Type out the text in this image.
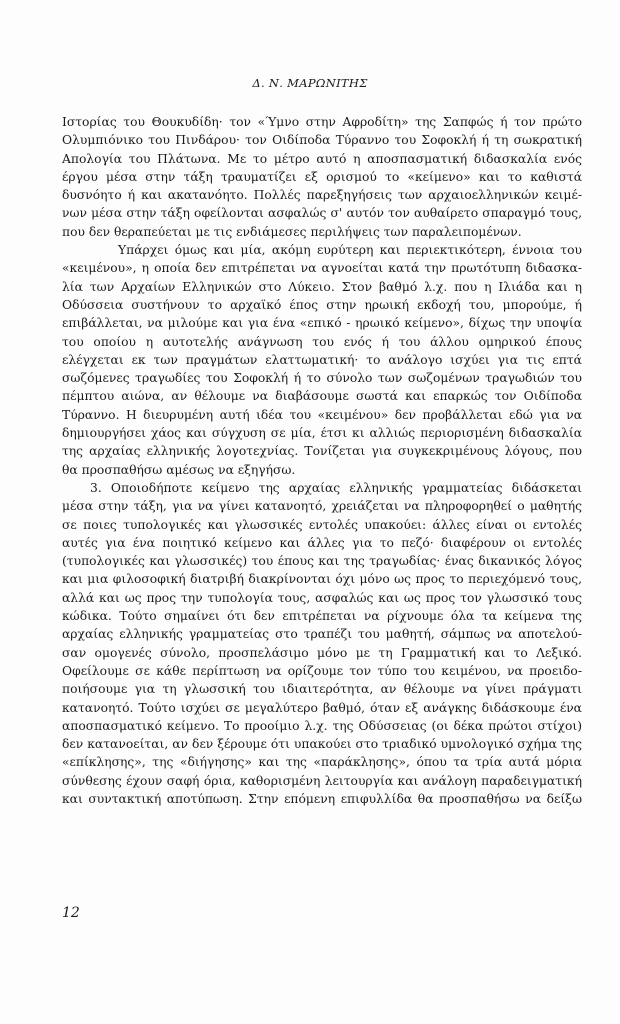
Δ. Ν. ΜΑΡΩΝΙΤΗΣ
Ιστορίας του Θουκυδίδη· τον «Ύμνο στην Αφροδίτη» της Σαπφώς ή τον πρώτο
Ολυμπιόνικο του Πινδάρου· τον Οιδίποδα Τύραννο του Σοφοκλή ή τη σωκρατική
Απολογία του Πλάτωνα. Με το μέτρο αυτό η αποσπασματική διδασκαλία ενός
έργου μέσα στην τάξη τραυματίζει εξ ορισμού το «κείμενο» και το καθιστά
δυσνόητο ή και ακατανόητο. Πολλές παρεξηγήσεις των αρχαιοελληνικών κειμέ-
νων μέσα στην τάξη οφείλονται ασφαλώς σ' αυτόν τον αυθαίρετο σπαραγμό τους,
που δεν θεραπεύεται με τις ενδιάμεσες περιλήψεις των παραλειπομένων.
Υπάρχει όμως και μία, ακόμη ευρύτερη και περιεκτικότερη, έννοια του
«κειμένου», η οποία δεν επιτρέπεται να αγνοείται κατά την πρωτότυπη διδασκα-
λία των Αρχαίων Ελληνικών στο Λύκειο. Στον βαθμό λ.χ. που η Ιλιάδα και η
Οδύσσεια συστήνουν το αρχαϊκό έπος στην ηρωική εκδοχή του, μπορούμε, ή
επιβάλλεται, να μιλούμε και για ένα «επικό - ηρωικό κείμενο», δίχως την υποψία
του οποίου η αυτοτελής ανάγνωση του ενός ή του άλλου ομηρικού έπους
ελέγχεται εκ των πραγμάτων ελαττωματική· το ανάλογο ισχύει για τις επτά
σωζόμενες τραγωδίες του Σοφοκλή ή το σύνολο των σωζομένων τραγωδιών του
πέμπτου αιώνα, αν θέλουμε να διαβάσουμε σωστά και επαρκώς τον Οιδίποδα
Τύραννο. Η διευρυμένη αυτή ιδέα του «κειμένου» δεν προβάλλεται εδώ για να
δημιουργήσει χάος και σύγχυση σε μία, έτσι κι αλλιώς περιορισμένη διδασκαλία
της αρχαίας ελληνικής λογοτεχνίας. Τονίζεται για συγκεκριμένους λόγους, που
θα προσπαθήσω αμέσως να εξηγήσω.
3. Οποιοδήποτε κείμενο της αρχαίας ελληνικής γραμματείας διδάσκεται
μέσα στην τάξη, για να γίνει κατανοητό, χρειάζεται να πληροφορηθεί ο μαθητής
σε ποιες τυπολογικές και γλωσσικές εντολές υπακούει: άλλες είναι οι εντολές
αυτές για ένα ποιητικό κείμενο και άλλες για το πεζό· διαφέρουν οι εντολές
(τυπολογικές και γλωσσικές) του έπους και της τραγωδίας· ένας δικανικός λόγος
και μια φιλοσοφική διατριβή διακρίνονται όχι μόνο ως προς το περιεχόμενό τους,
αλλά και ως προς την τυπολογία τους, ασφαλώς και ως προς τον γλωσσικό τους
κώδικα. Τούτο σημαίνει ότι δεν επιτρέπεται να ρίχνουμε όλα τα κείμενα της
αρχαίας ελληνικής γραμματείας στο τραπέζι του μαθητή, σάμπως να αποτελού-
σαν ομογενές σύνολο, προσπελάσιμο μόνο με τη Γραμματική και το Λεξικό.
Οφείλουμε σε κάθε περίπτωση να ορίζουμε τον τύπο του κειμένου, να προειδο-
ποιήσουμε για τη γλωσσική του ιδιαιτερότητα, αν θέλουμε να γίνει πράγματι
κατανοητό. Τούτο ισχύει σε μεγαλύτερο βαθμό, όταν εξ ανάγκης διδάσκουμε ένα
αποσπασματικό κείμενο. Το προοίμιο λ.χ. της Οδύσσειας (οι δέκα πρώτοι στίχοι)
δεν κατανοείται, αν δεν ξέρουμε ότι υπακούει στο τριαδικό υμνολογικό σχήμα της
«επίκλησης», της «διήγησης» και της «παράκλησης», όπου τα τρία αυτά μόρια
σύνθεσης έχουν σαφή όρια, καθορισμένη λειτουργία και ανάλογη παραδειγματική
και συντακτική αποτύπωση. Στην επόμενη επιφυλλίδα θα προσπαθήσω να δείξω
12
